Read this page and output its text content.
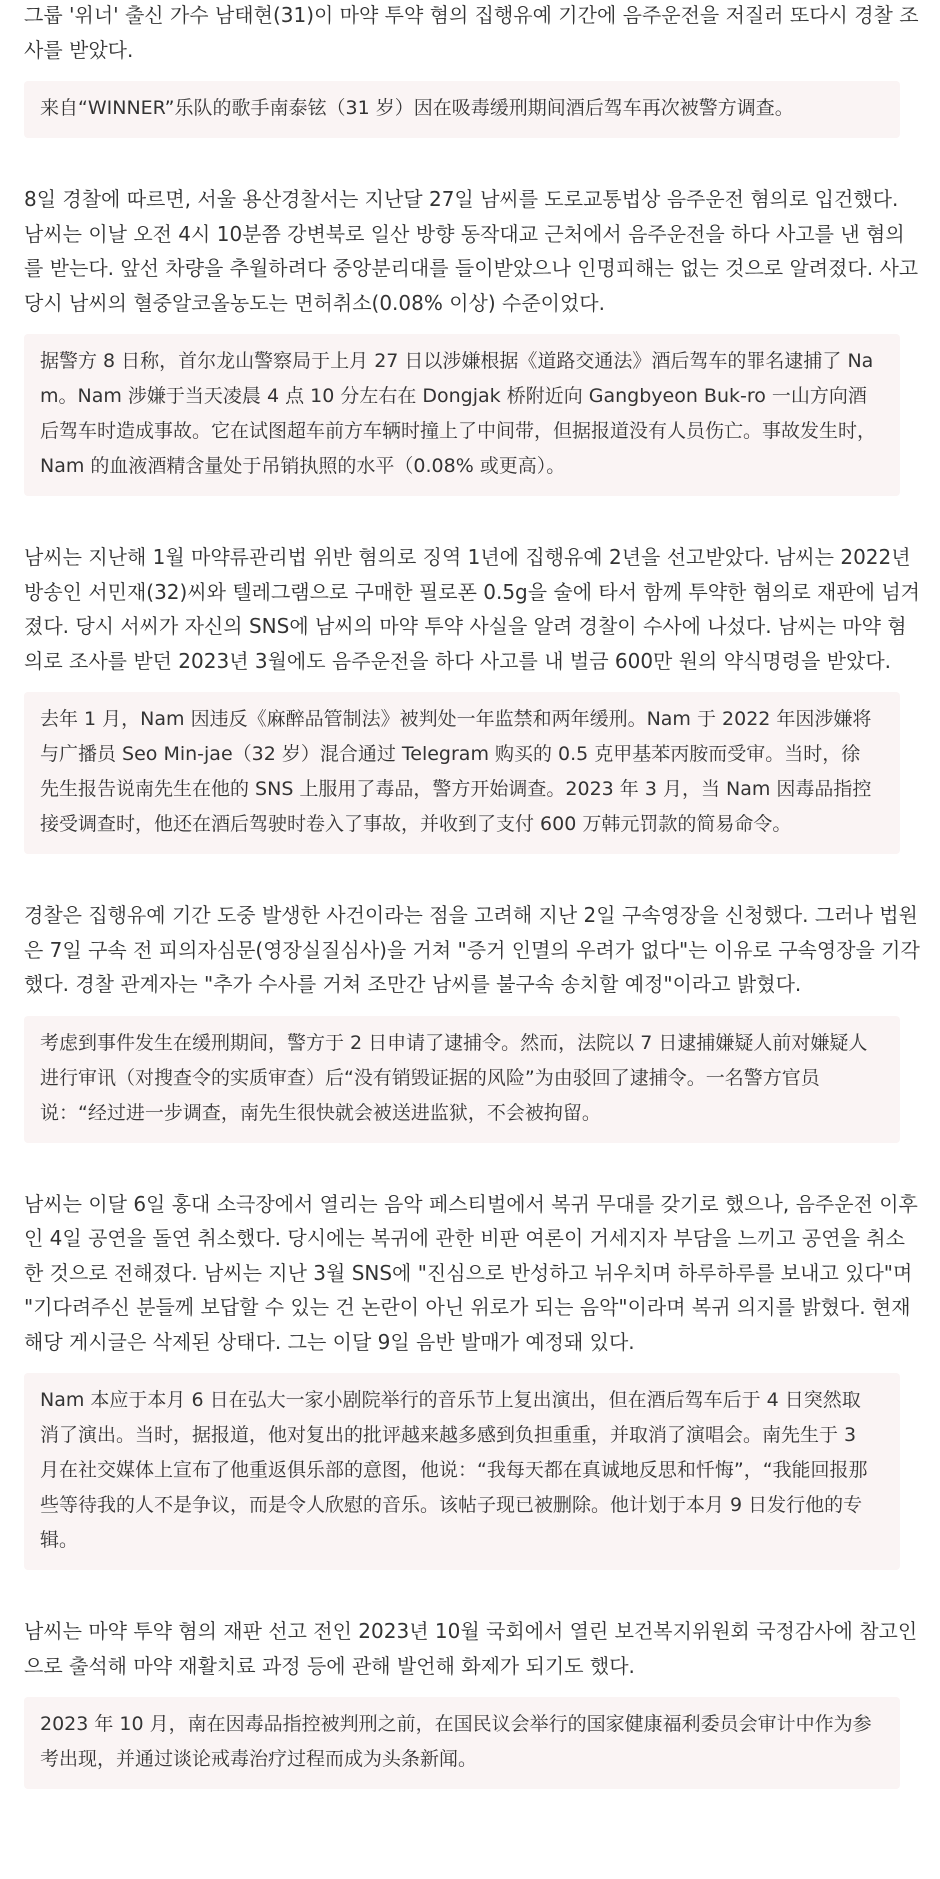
그룹 '위너' 출신 가수 남태현(31)이 마약 투약 혐의 집행유예 기간에 음주운전을 저질러 또다시 경찰 조사를 받았다.

来自“WINNER”乐队的歌手南泰铉（31 岁）因在吸毒缓刑期间酒后驾车再次被警方调查。

8일 경찰에 따르면, 서울 용산경찰서는 지난달 27일 남씨를 도로교통법상 음주운전 혐의로 입건했다. 남씨는 이날 오전 4시 10분쯤 강변북로 일산 방향 동작대교 근처에서 음주운전을 하다 사고를 낸 혐의를 받는다. 앞선 차량을 추월하려다 중앙분리대를 들이받았으나 인명피해는 없는 것으로 알려졌다. 사고 당시 남씨의 혈중알코올농도는 면허취소(0.08% 이상) 수준이었다.

据警方 8 日称，首尔龙山警察局于上月 27 日以涉嫌根据《道路交通法》酒后驾车的罪名逮捕了 Nam。Nam 涉嫌于当天凌晨 4 点 10 分左右在 Dongjak 桥附近向 Gangbyeon Buk-ro 一山方向酒后驾车时造成事故。它在试图超车前方车辆时撞上了中间带，但据报道没有人员伤亡。事故发生时，Nam 的血液酒精含量处于吊销执照的水平（0.08% 或更高）。

남씨는 지난해 1월 마약류관리법 위반 혐의로 징역 1년에 집행유예 2년을 선고받았다. 남씨는 2022년 방송인 서민재(32)씨와 텔레그램으로 구매한 필로폰 0.5g을 술에 타서 함께 투약한 혐의로 재판에 넘겨졌다. 당시 서씨가 자신의 SNS에 남씨의 마약 투약 사실을 알려 경찰이 수사에 나섰다. 남씨는 마약 혐의로 조사를 받던 2023년 3월에도 음주운전을 하다 사고를 내 벌금 600만 원의 약식명령을 받았다.

去年 1 月，Nam 因违反《麻醉品管制法》被判处一年监禁和两年缓刑。Nam 于 2022 年因涉嫌将与广播员 Seo Min-jae（32 岁）混合通过 Telegram 购买的 0.5 克甲基苯丙胺而受审。当时，徐先生报告说南先生在他的 SNS 上服用了毒品，警方开始调查。2023 年 3 月，当 Nam 因毒品指控接受调查时，他还在酒后驾驶时卷入了事故，并收到了支付 600 万韩元罚款的简易命令。

경찰은 집행유예 기간 도중 발생한 사건이라는 점을 고려해 지난 2일 구속영장을 신청했다. 그러나 법원은 7일 구속 전 피의자심문(영장실질심사)을 거쳐 "증거 인멸의 우려가 없다"는 이유로 구속영장을 기각했다. 경찰 관계자는 "추가 수사를 거쳐 조만간 남씨를 불구속 송치할 예정"이라고 밝혔다.

考虑到事件发生在缓刑期间，警方于 2 日申请了逮捕令。然而，法院以 7 日逮捕嫌疑人前对嫌疑人进行审讯（对搜查令的实质审查）后“没有销毁证据的风险”为由驳回了逮捕令。一名警方官员说：“经过进一步调查，南先生很快就会被送进监狱，不会被拘留。

남씨는 이달 6일 홍대 소극장에서 열리는 음악 페스티벌에서 복귀 무대를 갖기로 했으나, 음주운전 이후인 4일 공연을 돌연 취소했다. 당시에는 복귀에 관한 비판 여론이 거세지자 부담을 느끼고 공연을 취소한 것으로 전해졌다. 남씨는 지난 3월 SNS에 "진심으로 반성하고 뉘우치며 하루하루를 보내고 있다"며 "기다려주신 분들께 보답할 수 있는 건 논란이 아닌 위로가 되는 음악"이라며 복귀 의지를 밝혔다. 현재 해당 게시글은 삭제된 상태다. 그는 이달 9일 음반 발매가 예정돼 있다.

Nam 本应于本月 6 日在弘大一家小剧院举行的音乐节上复出演出，但在酒后驾车后于 4 日突然取消了演出。当时，据报道，他对复出的批评越来越多感到负担重重，并取消了演唱会。南先生于 3 月在社交媒体上宣布了他重返俱乐部的意图，他说：“我每天都在真诚地反思和忏悔”，“我能回报那些等待我的人不是争议，而是令人欣慰的音乐。该帖子现已被删除。他计划于本月 9 日发行他的专辑。

남씨는 마약 투약 혐의 재판 선고 전인 2023년 10월 국회에서 열린 보건복지위원회 국정감사에 참고인으로 출석해 마약 재활치료 과정 등에 관해 발언해 화제가 되기도 했다.

2023 年 10 月，南在因毒品指控被判刑之前，在国民议会举行的国家健康福利委员会审计中作为参考出现，并通过谈论戒毒治疗过程而成为头条新闻。
